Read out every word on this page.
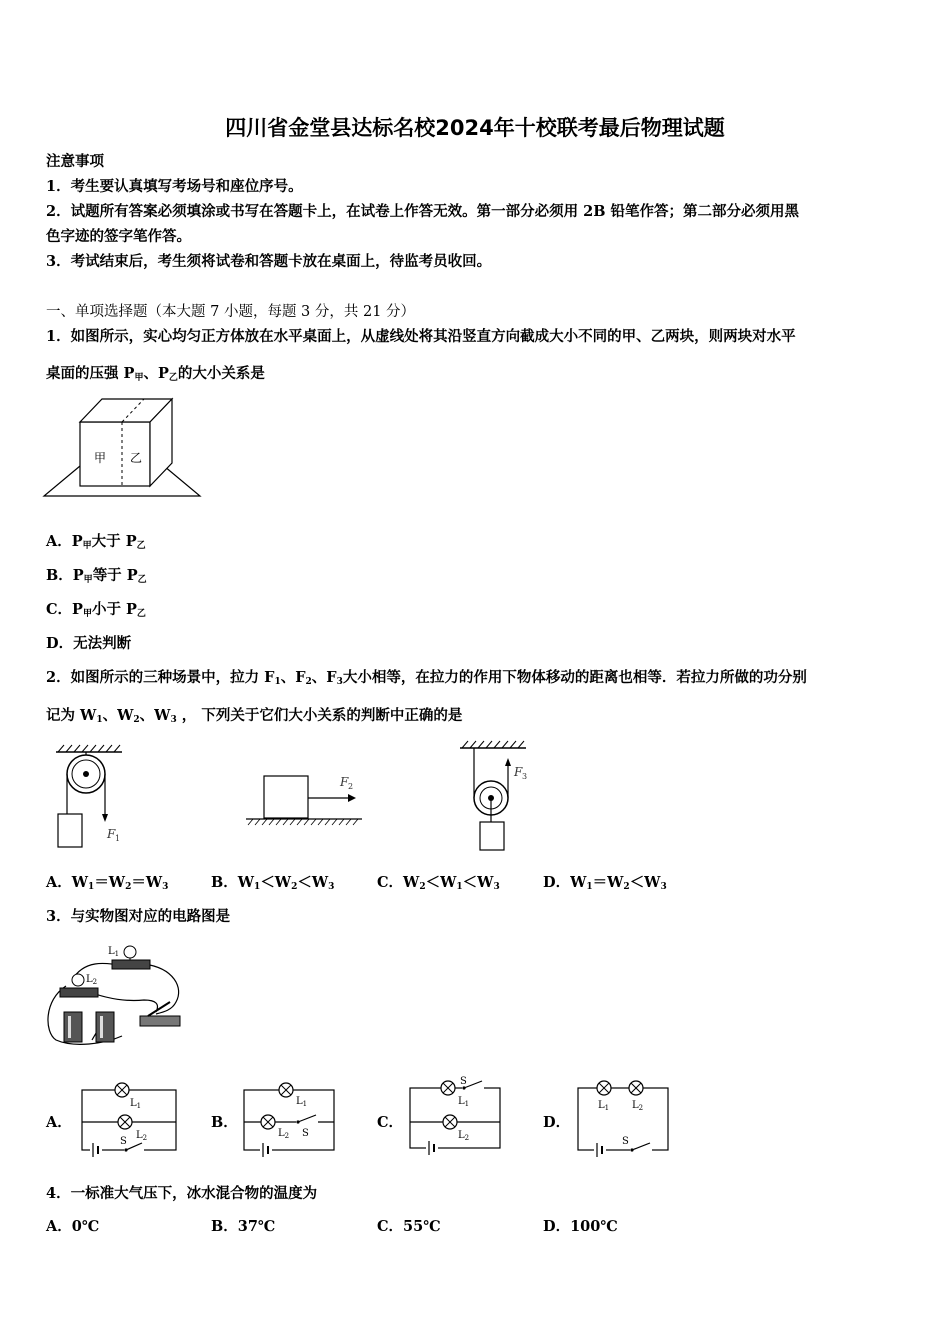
四川省金堂县达标名校2024年十校联考最后物理试题
注意事项
1．考生要认真填写考场号和座位序号。
2．试题所有答案必须填涂或书写在答题卡上，在试卷上作答无效。第一部分必须用 2B 铅笔作答；第二部分必须用黑
色字迹的签字笔作答。
3．考试结束后，考生须将试卷和答题卡放在桌面上，待监考员收回。
一、单项选择题（本大题 7 小题，每题 3 分，共 21 分）
1．如图所示，实心均匀正方体放在水平桌面上，从虚线处将其沿竖直方向截成大小不同的甲、乙两块，则两块对水平
桌面的压强 $P_甲$、$P_乙$的大小关系是
甲 乙
A．$P_甲$大于 $P_乙$
B．$P_甲$等于 $P_乙$
C．$P_甲$小于 $P_乙$
D．无法判断
2．如图所示的三种场景中，拉力 $F_1$、$F_2$、$F_3$大小相等，在拉力的作用下物体移动的距离也相等．若拉力所做的功分别
记为 $W_1$、$W_2$、$W_3$ ， 下列关于它们大小关系的判断中正确的是
F 1
F 2
F 3
A．$W_1=W_2=W_3$	B．$W_1<W_2<W_3$	C．$W_2<W_1<W_3$	D．$W_1=W_2<W_3$
3．与实物图对应的电路图是
$L_1$
$L_2$
A．
$L_1$
$L_2$
S
B．
$L_1$
$L_2$ S
C．
$L_1$
S
$L_2$
D．
$L_1$ $L_2$
S
4．一标准大气压下，冰水混合物的温度为
A．0℃	B．37℃	C．55℃	D．100℃
